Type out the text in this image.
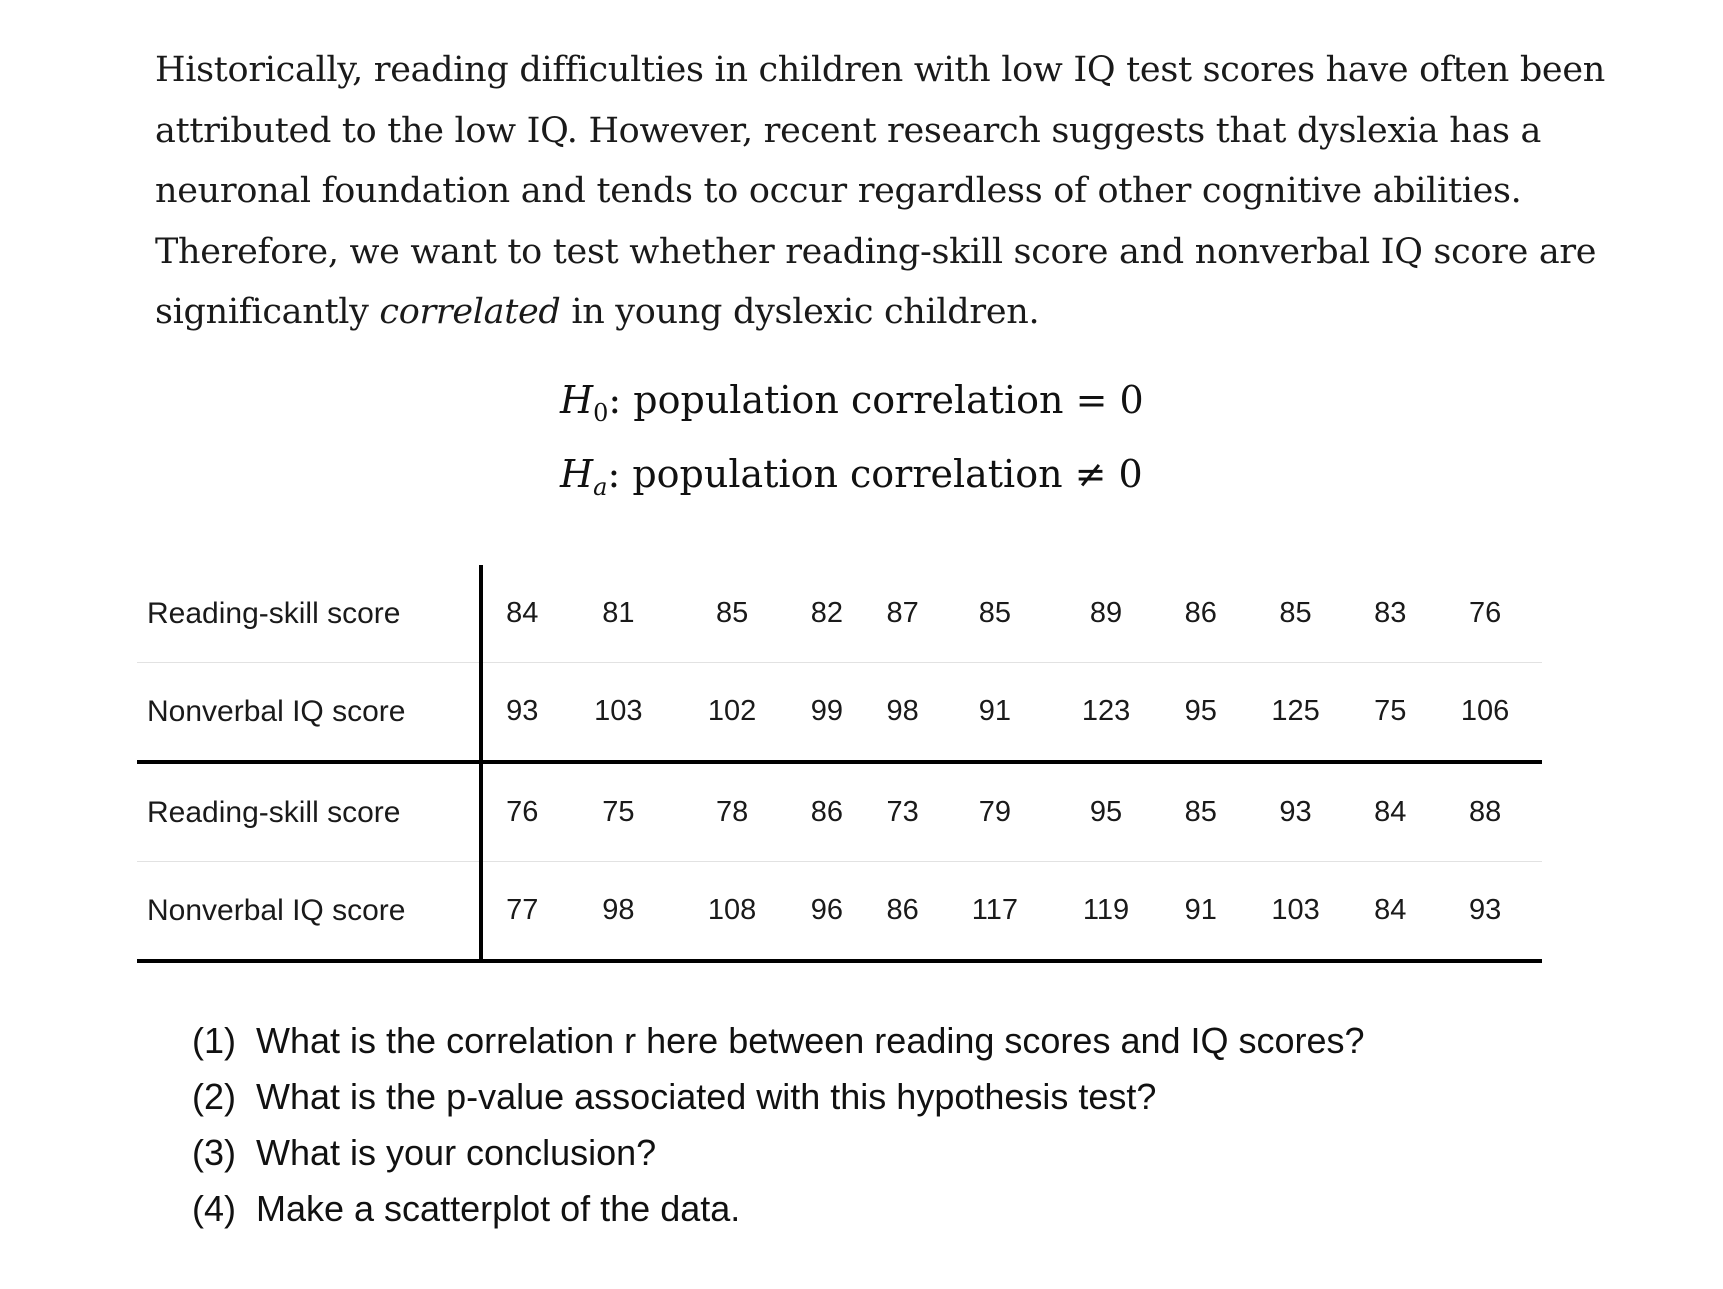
Historically, reading difficulties in children with low IQ test scores have often been

attributed to the low IQ. However, recent research suggests that dyslexia has a

neuronal foundation and tends to occur regardless of other cognitive abilities.

Therefore, we want to test whether reading-skill score and nonverbal IQ score are

significantly correlated in young dyslexic children.

$H_0$: population correlation = 0
$H_a$: population correlation ≠ 0
Reading-skill score	84	81	85	82	87	85	89	86	85	83	76
Nonverbal IQ score	93	103	102	99	98	91	123	95	125	75	106
Reading-skill score	76	75	78	86	73	79	95	85	93	84	88
Nonverbal IQ score	77	98	108	96	86	117	119	91	103	84	93
(1) What is the correlation r here between reading scores and IQ scores?
(2) What is the p-value associated with this hypothesis test?
(3) What is your conclusion?
(4) Make a scatterplot of the data.
